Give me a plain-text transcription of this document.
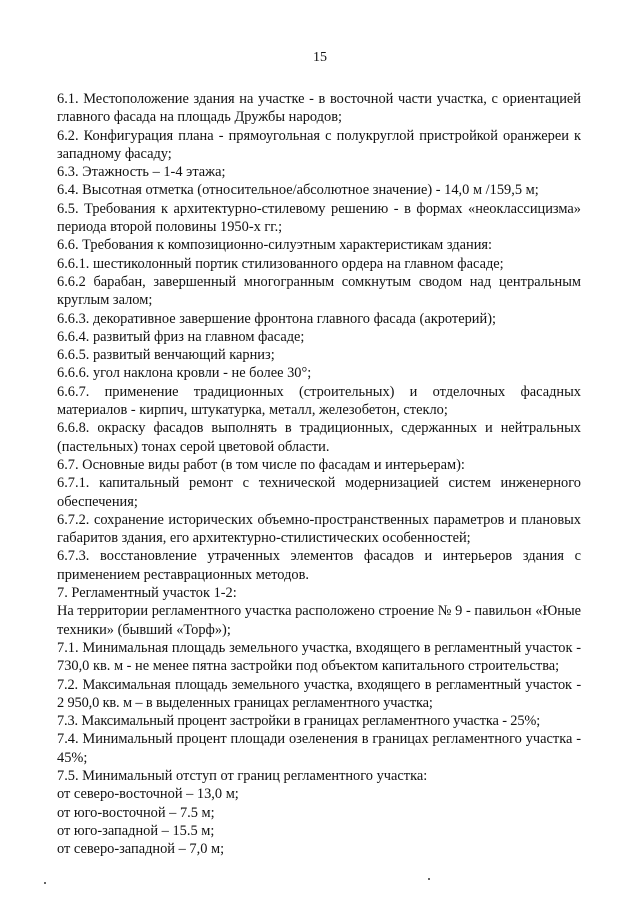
15

6.1. Местоположение здания на участке - в восточной части участка, с ориентацией главного фасада на площадь Дружбы народов;

6.2. Конфигурация плана - прямоугольная с полукруглой пристройкой оранжереи к западному фасаду;

6.3. Этажность – 1-4 этажа;

6.4. Высотная отметка (относительное/абсолютное значение) - 14,0 м /159,5 м;

6.5. Требования к архитектурно-стилевому решению - в формах «неоклассицизма» периода второй половины 1950-х гг.;

6.6. Требования к композиционно-силуэтным характеристикам здания:

6.6.1. шестиколонный портик стилизованного ордера на главном фасаде;

6.6.2 барабан, завершенный многогранным сомкнутым сводом над центральным круглым залом;

6.6.3. декоративное завершение фронтона главного фасада (акротерий);

6.6.4. развитый фриз на главном фасаде;

6.6.5. развитый венчающий карниз;

6.6.6. угол наклона кровли - не более 30°;

6.6.7. применение традиционных (строительных) и отделочных фасадных материалов - кирпич, штукатурка, металл, железобетон, стекло;

6.6.8. окраску фасадов выполнять в традиционных, сдержанных и нейтральных (пастельных) тонах серой цветовой области.

6.7. Основные виды работ (в том числе по фасадам и интерьерам):

6.7.1. капитальный ремонт с технической модернизацией систем инженерного обеспечения;

6.7.2. сохранение исторических объемно-пространственных параметров и плановых габаритов здания, его архитектурно-стилистических особенностей;

6.7.3. восстановление утраченных элементов фасадов и интерьеров здания с применением реставрационных методов.

7. Регламентный участок 1-2:

На территории регламентного участка расположено строение № 9 - павильон «Юные техники» (бывший «Торф»);

7.1. Минимальная площадь земельного участка, входящего в регламентный участок - 730,0 кв. м - не менее пятна застройки под объектом капитального строительства;

7.2. Максимальная площадь земельного участка, входящего в регламентный участок - 2 950,0 кв. м – в выделенных границах регламентного участка;

7.3. Максимальный процент застройки в границах регламентного участка - 25%;

7.4. Минимальный процент площади озеленения в границах регламентного участка - 45%;

7.5. Минимальный отступ от границ регламентного участка:

от северо-восточной – 13,0 м;

от юго-восточной – 7.5 м;

от юго-западной – 15.5 м;

от северо-западной – 7,0 м;
